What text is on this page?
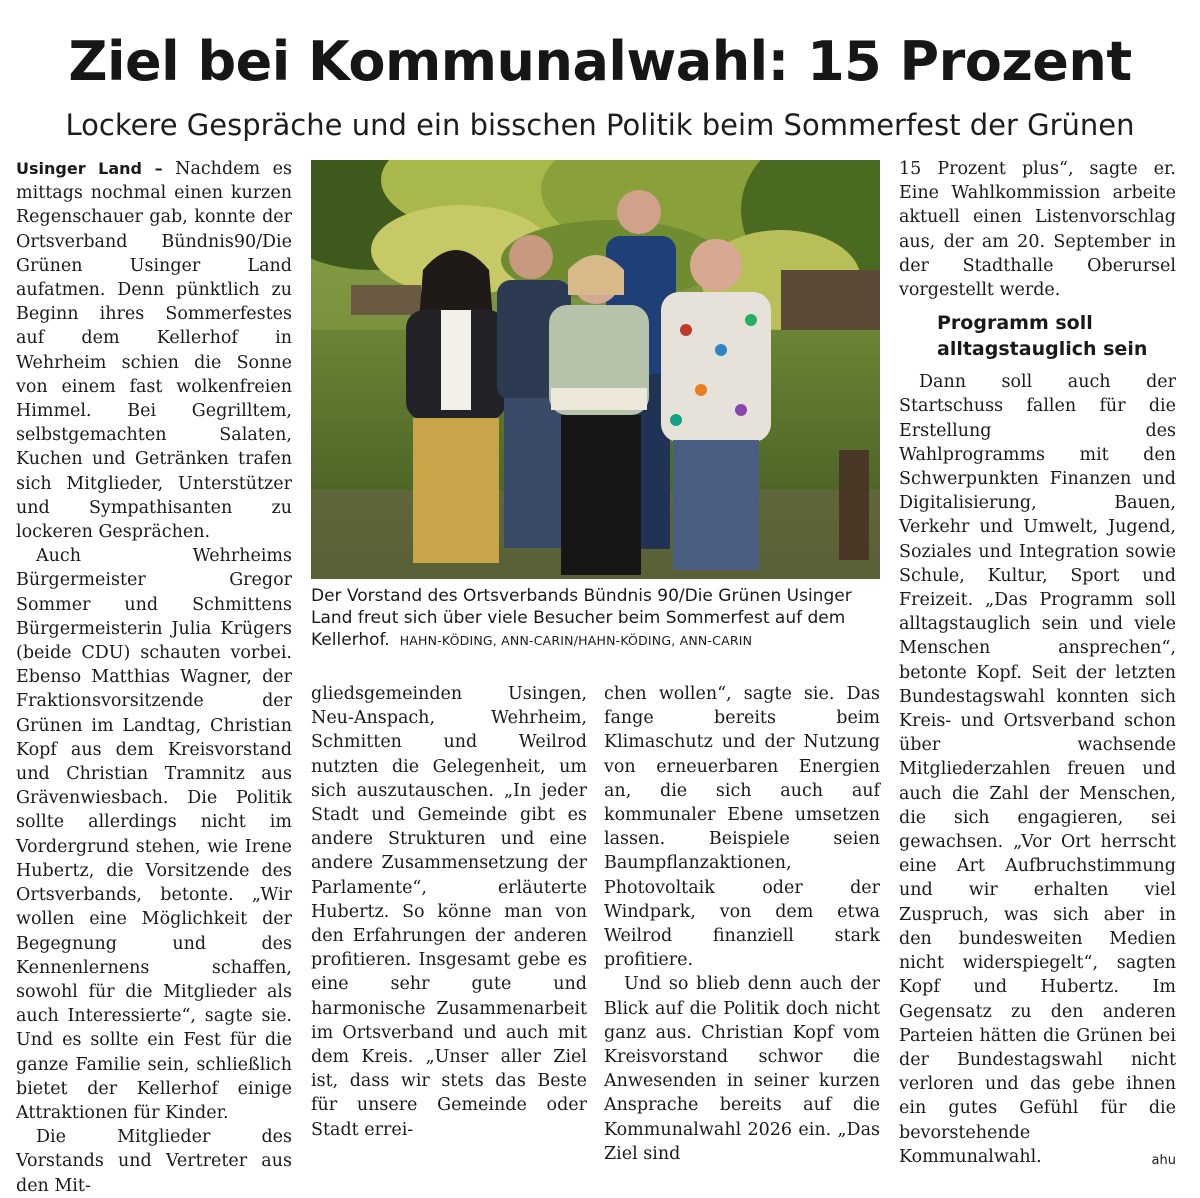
Ziel bei Kommunalwahl: 15 Prozent
Lockere Gespräche und ein bisschen Politik beim Sommerfest der Grünen

Usinger Land – Nachdem es mittags nochmal einen kurzen Regenschauer gab, konnte der Ortsverband Bündnis90/Die Grünen Usinger Land aufatmen. Denn pünktlich zu Beginn ihres Sommerfestes auf dem Kellerhof in Wehrheim schien die Sonne von einem fast wolkenfreien Himmel. Bei Gegrilltem, selbstgemachten Salaten, Kuchen und Getränken trafen sich Mitglieder, Unterstützer und Sympathisanten zu lockeren Gesprächen.

Auch Wehrheims Bürgermeister Gregor Sommer und Schmittens Bürgermeisterin Julia Krügers (beide CDU) schauten vorbei. Ebenso Matthias Wagner, der Fraktionsvorsitzende der Grünen im Landtag, Christian Kopf aus dem Kreisvorstand und Christian Tramnitz aus Grävenwiesbach. Die Politik sollte allerdings nicht im Vordergrund stehen, wie Irene Hubertz, die Vorsitzende des Ortsverbands, betonte. „Wir wollen eine Möglichkeit der Begegnung und des Kennenlernens schaffen, sowohl für die Mitglieder als auch Interessierte“, sagte sie. Und es sollte ein Fest für die ganze Familie sein, schließlich bietet der Kellerhof einige Attraktionen für Kinder.

Die Mitglieder des Vorstands und Vertreter aus den Mit-

Der Vorstand des Ortsverbands Bündnis 90/Die Grünen Usinger Land freut sich über viele Besucher beim Sommerfest auf dem Kellerhof. HAHN-KÖDING, ANN-CARIN/HAHN-KÖDING, ANN-CARIN

gliedsgemeinden Usingen, Neu-Anspach, Wehrheim, Schmitten und Weilrod nutzten die Gelegenheit, um sich auszutauschen. „In jeder Stadt und Gemeinde gibt es andere Strukturen und eine andere Zusammensetzung der Parlamente“, erläuterte Hubertz. So könne man von den Erfahrungen der anderen profitieren. Insgesamt gebe es eine sehr gute und harmonische Zusammenarbeit im Ortsverband und auch mit dem Kreis. „Unser aller Ziel ist, dass wir stets das Beste für unsere Gemeinde oder Stadt errei-

chen wollen“, sagte sie. Das fange bereits beim Klimaschutz und der Nutzung von erneuerbaren Energien an, die sich auch auf kommunaler Ebene umsetzen lassen. Beispiele seien Baumpflanzaktionen, Photovoltaik oder der Windpark, von dem etwa Weilrod finanziell stark profitiere.

Und so blieb denn auch der Blick auf die Politik doch nicht ganz aus. Christian Kopf vom Kreisvorstand schwor die Anwesenden in seiner kurzen Ansprache bereits auf die Kommunalwahl 2026 ein. „Das Ziel sind

15 Prozent plus“, sagte er. Eine Wahlkommission arbeite aktuell einen Listenvorschlag aus, der am 20. September in der Stadthalle Oberursel vorgestellt werde.

Programm soll alltagstauglich sein

Dann soll auch der Startschuss fallen für die Erstellung des Wahlprogramms mit den Schwerpunkten Finanzen und Digitalisierung, Bauen, Verkehr und Umwelt, Jugend, Soziales und Integration sowie Schule, Kultur, Sport und Freizeit. „Das Programm soll alltagstauglich sein und viele Menschen ansprechen“, betonte Kopf. Seit der letzten Bundestagswahl konnten sich Kreis- und Ortsverband schon über wachsende Mitgliederzahlen freuen und auch die Zahl der Menschen, die sich engagieren, sei gewachsen. „Vor Ort herrscht eine Art Aufbruchstimmung und wir erhalten viel Zuspruch, was sich aber in den bundesweiten Medien nicht widerspiegelt“, sagten Kopf und Hubertz. Im Gegensatz zu den anderen Parteien hätten die Grünen bei der Bundestagswahl nicht verloren und das gebe ihnen ein gutes Gefühl für die bevorstehende Kommunalwahl.	ahu
